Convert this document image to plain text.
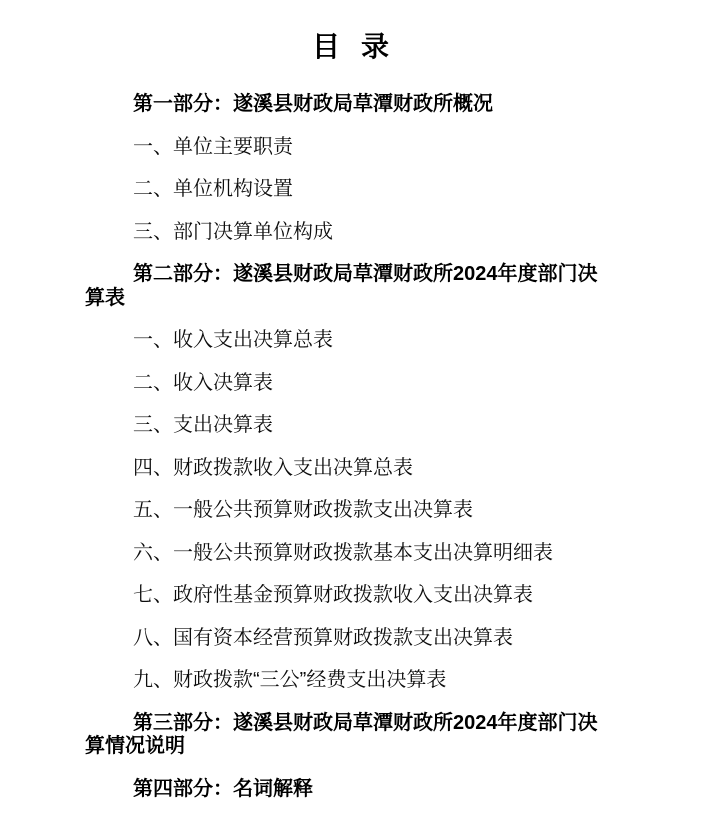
目 录

第一部分：遂溪县财政局草潭财政所概况

一、单位主要职责

二、单位机构设置

三、部门决算单位构成

第二部分：遂溪县财政局草潭财政所2024年度部门决算表

一、收入支出决算总表

二、收入决算表

三、支出决算表

四、财政拨款收入支出决算总表

五、一般公共预算财政拨款支出决算表

六、一般公共预算财政拨款基本支出决算明细表

七、政府性基金预算财政拨款收入支出决算表

八、国有资本经营预算财政拨款支出决算表

九、财政拨款“三公”经费支出决算表

第三部分：遂溪县财政局草潭财政所2024年度部门决算情况说明

第四部分：名词解释
